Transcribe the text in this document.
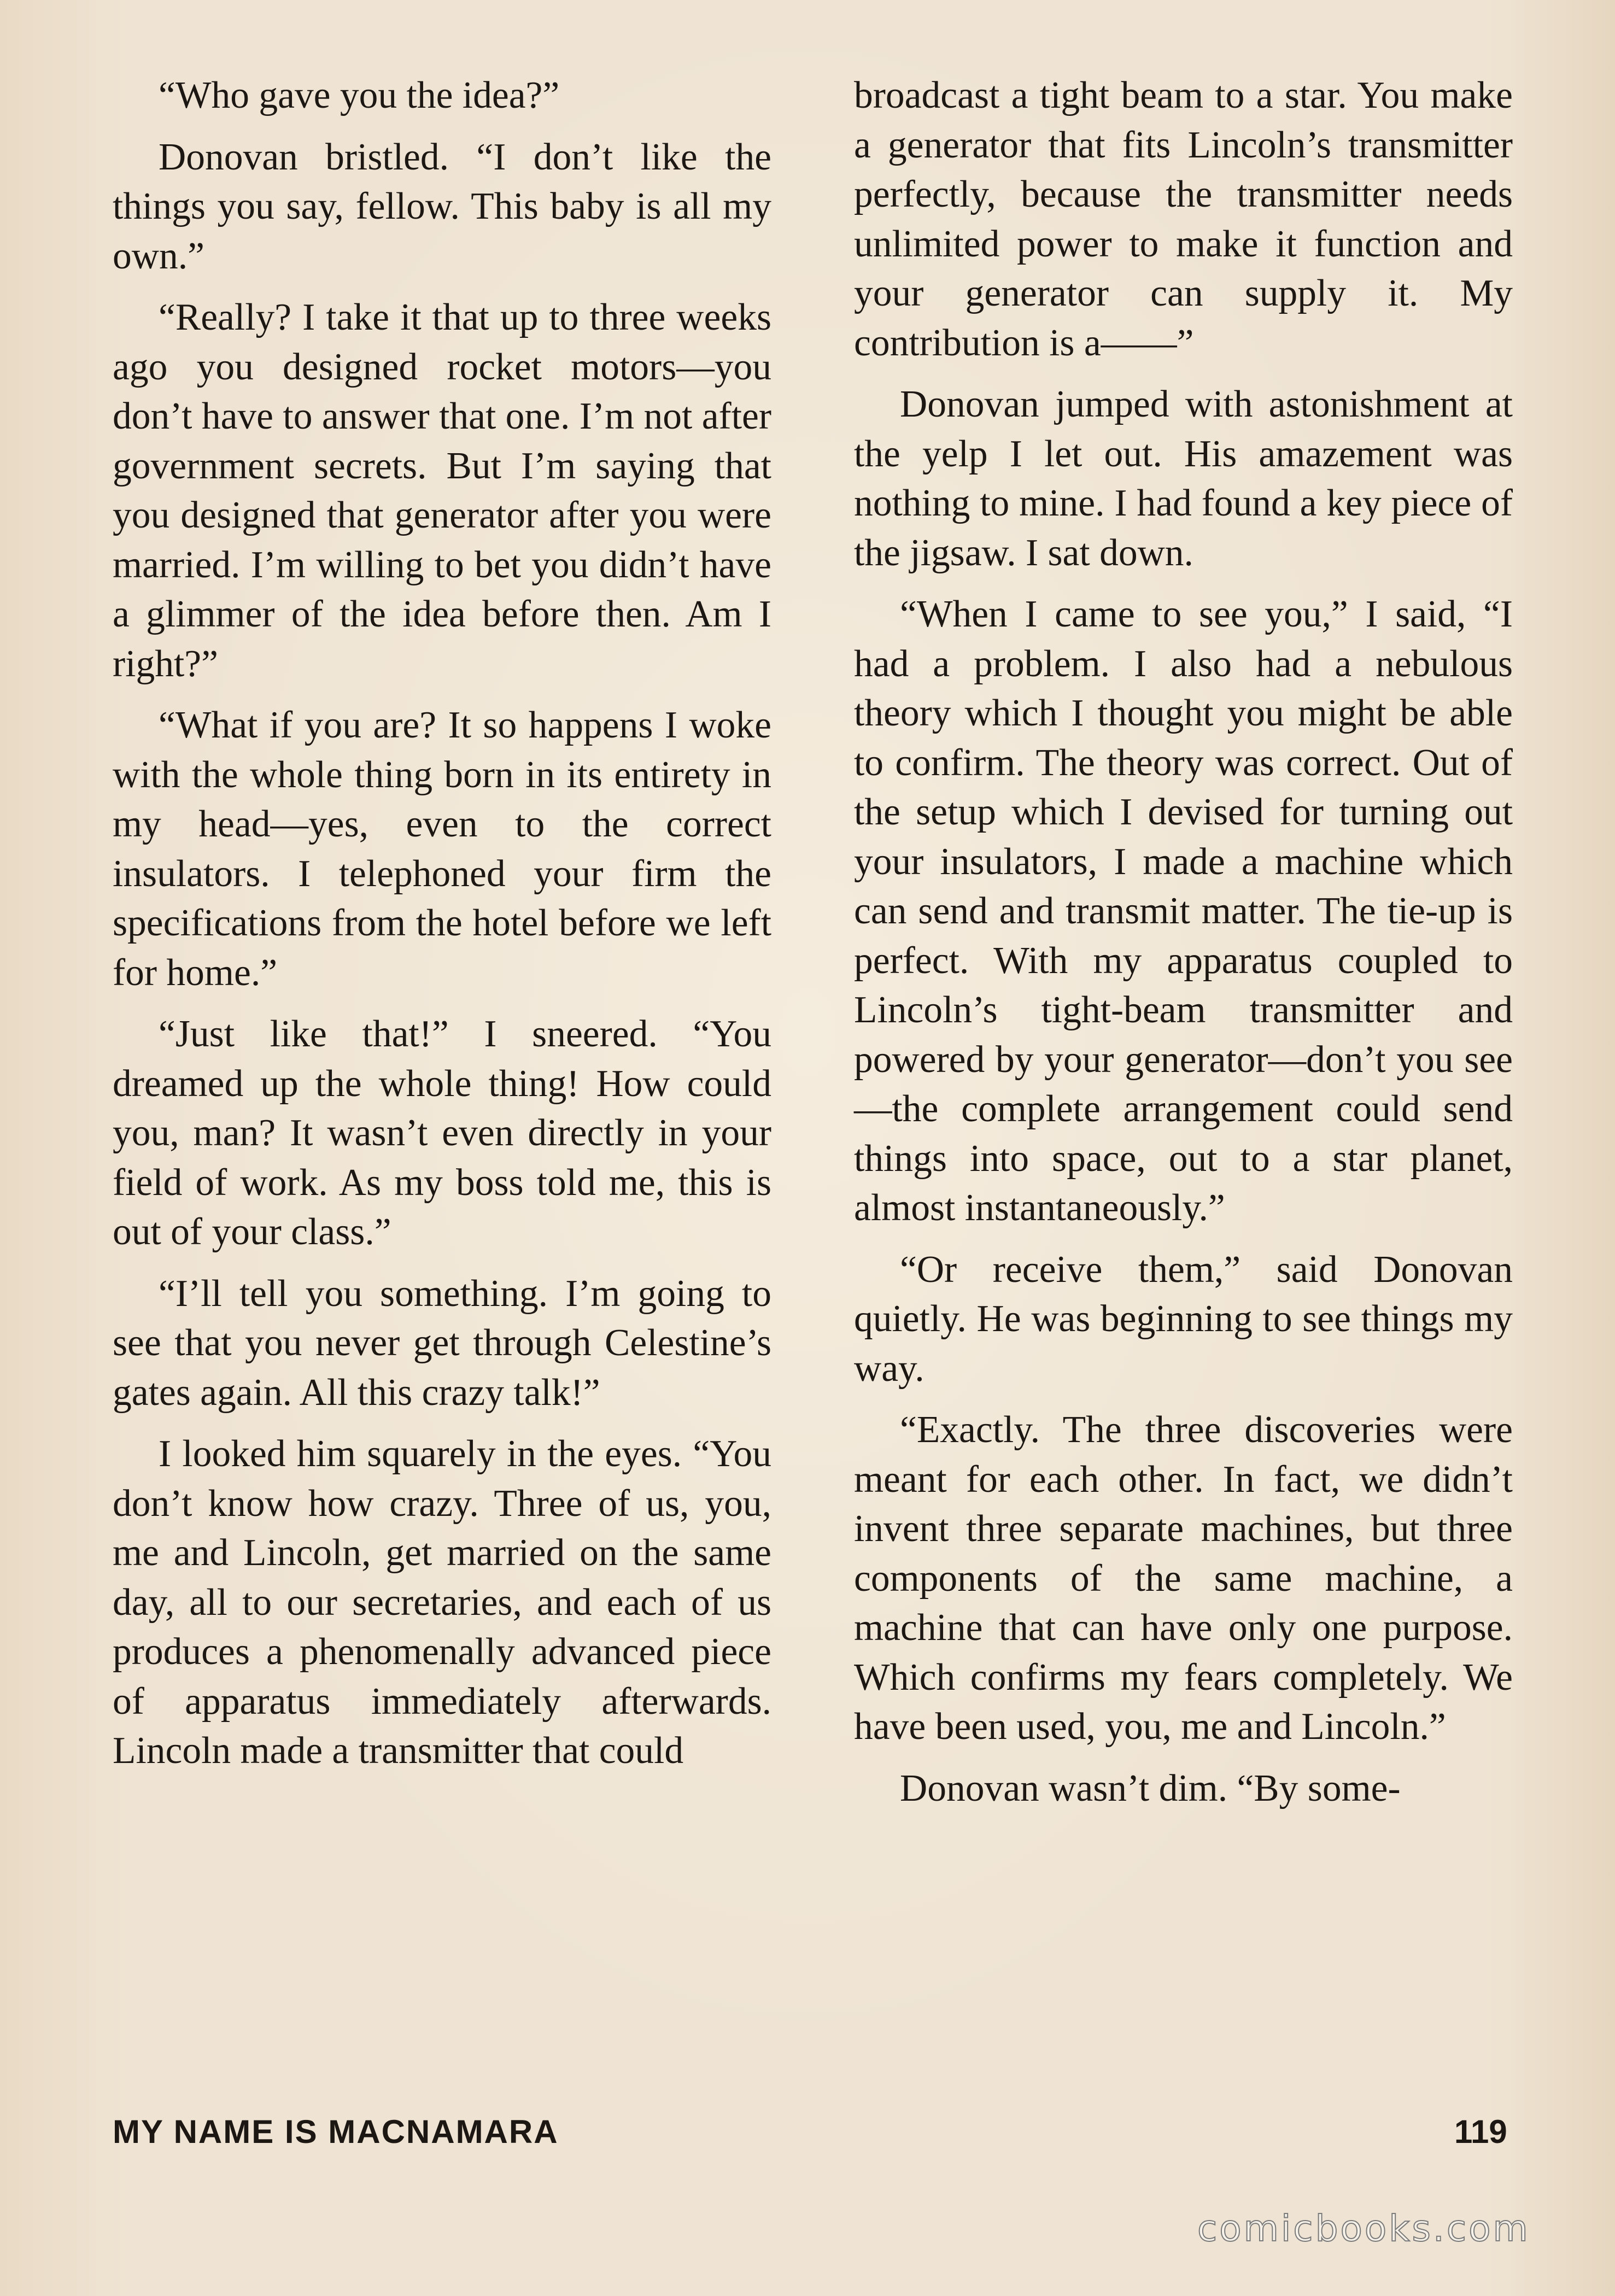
“Who gave you the idea?”

Donovan bristled. “I don’t like the things you say, fellow. This baby is all my own.”

“Really? I take it that up to three weeks ago you designed rocket motors—you don’t have to answer that one. I’m not after government secrets. But I’m saying that you designed that generator after you were married. I’m willing to bet you didn’t have a glimmer of the idea before then. Am I right?”

“What if you are? It so happens I woke with the whole thing born in its entirety in my head—yes, even to the correct insulators. I telephoned your firm the specifications from the hotel before we left for home.”

“Just like that!” I sneered. “You dreamed up the whole thing! How could you, man? It wasn’t even directly in your field of work. As my boss told me, this is out of your class.”

“I’ll tell you something. I’m going to see that you never get through Celestine’s gates again. All this crazy talk!”

I looked him squarely in the eyes. “You don’t know how crazy. Three of us, you, me and Lincoln, get married on the same day, all to our secretaries, and each of us produces a phenomenally advanced piece of apparatus immediately afterwards. Lincoln made a transmitter that could

broadcast a tight beam to a star. You make a generator that fits Lincoln’s transmitter perfectly, because the transmitter needs unlimited power to make it function and your generator can supply it. My contribution is a——”

Donovan jumped with astonishment at the yelp I let out. His amazement was nothing to mine. I had found a key piece of the jigsaw. I sat down.

“When I came to see you,” I said, “I had a problem. I also had a nebulous theory which I thought you might be able to confirm. The theory was correct. Out of the setup which I devised for turning out your insulators, I made a machine which can send and transmit matter. The tie-up is perfect. With my apparatus coupled to Lincoln’s tight-beam transmitter and powered by your generator—don’t you see—the complete arrangement could send things into space, out to a star planet, almost instantaneously.”

“Or receive them,” said Donovan quietly. He was beginning to see things my way.

“Exactly. The three discoveries were meant for each other. In fact, we didn’t invent three separate machines, but three components of the same machine, a machine that can have only one purpose. Which confirms my fears completely. We have been used, you, me and Lincoln.”

Donovan wasn’t dim. “By some-

MY NAME IS MACNAMARA	119

comicbooks.com
